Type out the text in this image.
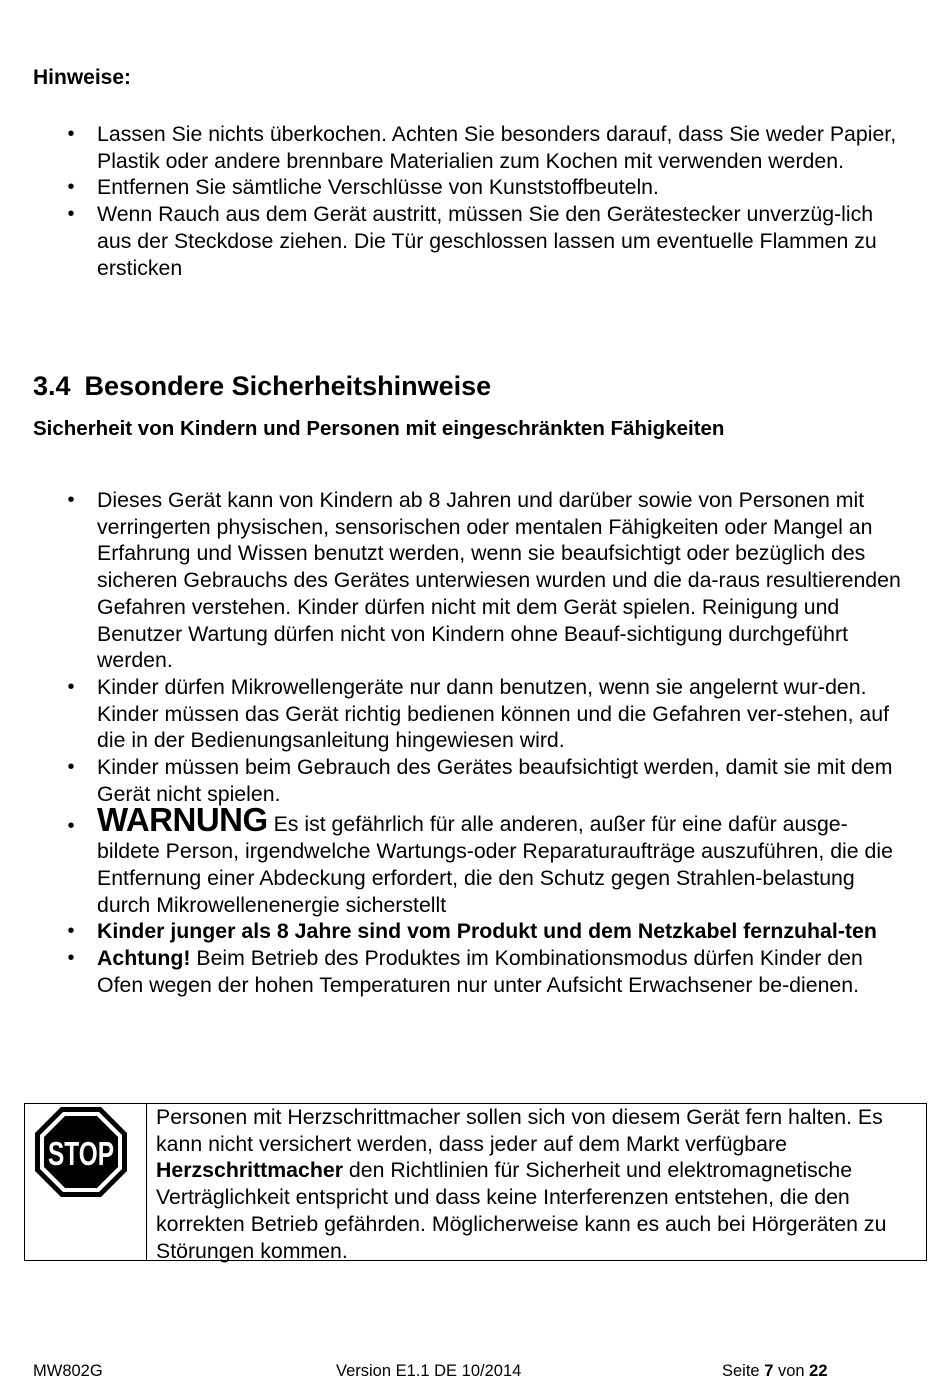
Hinweise:
• Lassen Sie nichts überkochen. Achten Sie besonders darauf, dass Sie weder Papier, Plastik oder andere brennbare Materialien zum Kochen mit verwenden werden.
• Entfernen Sie sämtliche Verschlüsse von Kunststoffbeuteln.
• Wenn Rauch aus dem Gerät austritt, müssen Sie den Gerätestecker unverzüg-lich aus der Steckdose ziehen. Die Tür geschlossen lassen um eventuelle Flammen zu ersticken
3.4 Besondere Sicherheitshinweise
Sicherheit von Kindern und Personen mit eingeschränkten Fähigkeiten
• Dieses Gerät kann von Kindern ab 8 Jahren und darüber sowie von Personen mit verringerten physischen, sensorischen oder mentalen Fähigkeiten oder Mangel an Erfahrung und Wissen benutzt werden, wenn sie beaufsichtigt oder bezüglich des sicheren Gebrauchs des Gerätes unterwiesen wurden und die da-raus resultierenden Gefahren verstehen. Kinder dürfen nicht mit dem Gerät spielen. Reinigung und Benutzer Wartung dürfen nicht von Kindern ohne Beauf-sichtigung durchgeführt werden.
• Kinder dürfen Mikrowellengeräte nur dann benutzen, wenn sie angelernt wur-den. Kinder müssen das Gerät richtig bedienen können und die Gefahren ver-stehen, auf die in der Bedienungsanleitung hingewiesen wird.
• Kinder müssen beim Gebrauch des Gerätes beaufsichtigt werden, damit sie mit dem Gerät nicht spielen.
• WARNUNG Es ist gefährlich für alle anderen, außer für eine dafür ausge-bildete Person, irgendwelche Wartungs-oder Reparaturaufträge auszuführen, die die Entfernung einer Abdeckung erfordert, die den Schutz gegen Strahlen-belastung durch Mikrowellenenergie sicherstellt
• Kinder junger als 8 Jahre sind vom Produkt und dem Netzkabel fernzuhal-ten
• Achtung! Beim Betrieb des Produktes im Kombinationsmodus dürfen Kinder den Ofen wegen der hohen Temperaturen nur unter Aufsicht Erwachsener be-dienen.
STOP
Personen mit Herzschrittmacher sollen sich von diesem Gerät fern halten. Es kann nicht versichert werden, dass jeder auf dem Markt verfügbare Herzschrittmacher den Richtlinien für Sicherheit und elektromagnetische Verträglichkeit entspricht und dass keine Interferenzen entstehen, die den korrekten Betrieb gefährden. Möglicherweise kann es auch bei Hörgeräten zu Störungen kommen.
MW802G	Version E1.1 DE 10/2014	Seite 7 von 22
